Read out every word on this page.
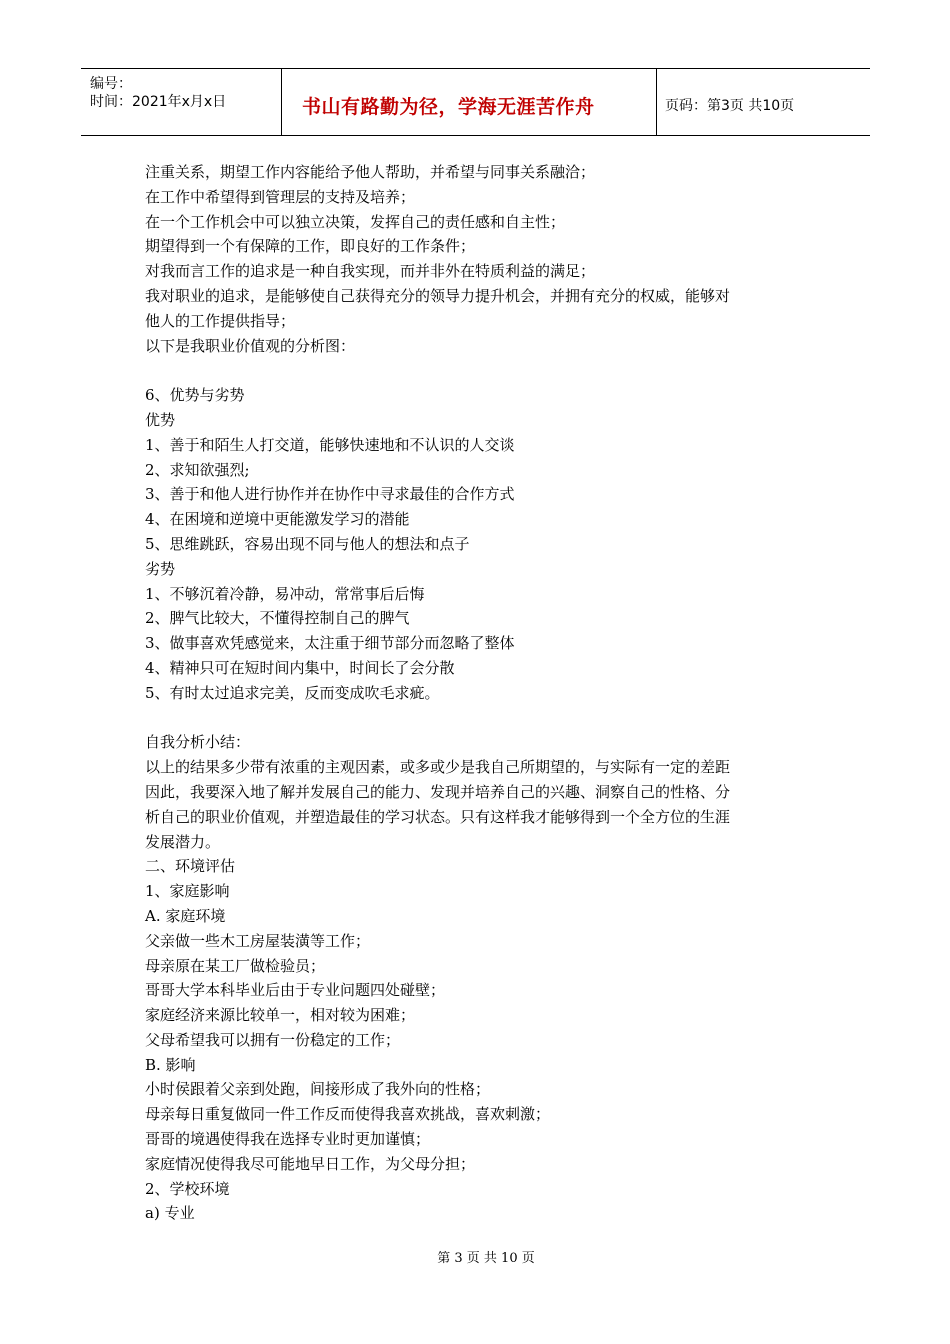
编号：
时间：2021年x月x日	书山有路勤为径，学海无涯苦作舟	页码：第3页 共10页
注重关系，期望工作内容能给予他人帮助，并希望与同事关系融洽；
在工作中希望得到管理层的支持及培养；
在一个工作机会中可以独立决策，发挥自己的责任感和自主性；
期望得到一个有保障的工作，即良好的工作条件；
对我而言工作的追求是一种自我实现，而并非外在特质利益的满足；
我对职业的追求，是能够使自己获得充分的领导力提升机会，并拥有充分的权威，能够对
他人的工作提供指导；
以下是我职业价值观的分析图：
6、优势与劣势
优势
1、善于和陌生人打交道，能够快速地和不认识的人交谈
2、求知欲强烈;
3、善于和他人进行协作并在协作中寻求最佳的合作方式
4、在困境和逆境中更能激发学习的潜能
5、思维跳跃，容易出现不同与他人的想法和点子
劣势
1、不够沉着冷静，易冲动，常常事后后悔
2、脾气比较大，不懂得控制自己的脾气
3、做事喜欢凭感觉来，太注重于细节部分而忽略了整体
4、精神只可在短时间内集中，时间长了会分散
5、有时太过追求完美，反而变成吹毛求疵。
自我分析小结：
以上的结果多少带有浓重的主观因素，或多或少是我自己所期望的，与实际有一定的差距
因此，我要深入地了解并发展自己的能力、发现并培养自己的兴趣、洞察自己的性格、分
析自己的职业价值观，并塑造最佳的学习状态。只有这样我才能够得到一个全方位的生涯
发展潜力。
二、环境评估
1、家庭影响
A. 家庭环境
父亲做一些木工房屋装潢等工作；
母亲原在某工厂做检验员；
哥哥大学本科毕业后由于专业问题四处碰壁；
家庭经济来源比较单一，相对较为困难；
父母希望我可以拥有一份稳定的工作；
B. 影响
小时侯跟着父亲到处跑，间接形成了我外向的性格；
母亲每日重复做同一件工作反而使得我喜欢挑战，喜欢刺激；
哥哥的境遇使得我在选择专业时更加谨慎；
家庭情况使得我尽可能地早日工作，为父母分担；
2、学校环境
a) 专业
第 3 页 共 10 页
